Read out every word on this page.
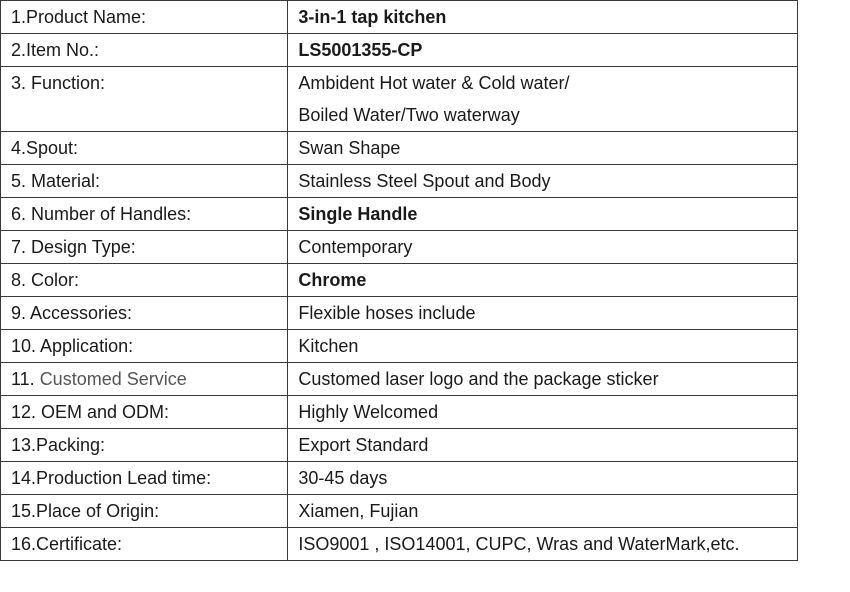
1.Product Name:	3-in-1 tap kitchen
2.Item No.:	LS5001355-CP
3. Function:	Ambident Hot water & Cold water/
Boiled Water/Two waterway

4.Spout:	Swan Shape
5. Material:	Stainless Steel Spout and Body
6. Number of Handles:	Single Handle
7. Design Type:	Contemporary
8. Color:	Chrome
9. Accessories:	Flexible hoses include
10. Application:	Kitchen
11. Customed Service	Customed laser logo and the package sticker
12. OEM and ODM:	Highly Welcomed
13.Packing:	Export Standard
14.Production Lead time:	30-45 days
15.Place of Origin:	Xiamen, Fujian
16.Certificate:	ISO9001 , ISO14001, CUPC, Wras and WaterMark,etc.
